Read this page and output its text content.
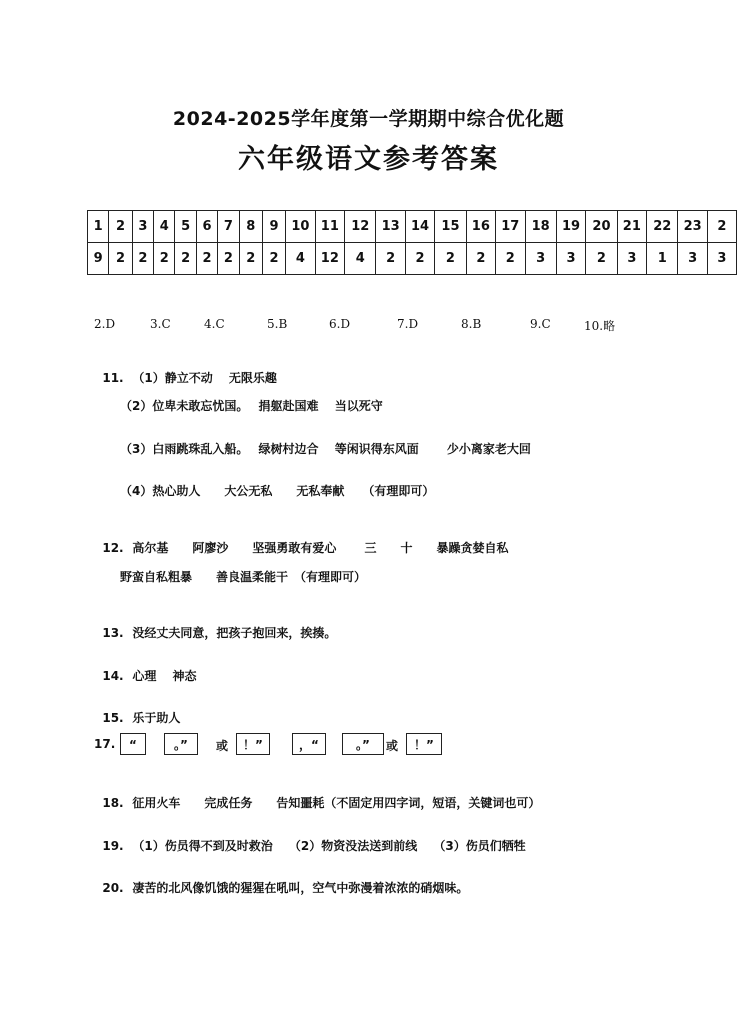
2024-2025学年度第一学期期中综合优化题
六年级语文参考答案
1	2	3	4	5	6	7	8	9	10	11	12	13	14	15	16	17	18	19	20	21	22	23	2
9	2	2	2	2	2	2	2	2	4	12	4	2	2	2	2	2	3	3	2	3	1	3	3
2.D	3.C	4.C	5.B	6.D	7.D	8.B	9.C	10.略

11. （1）静立不动　 无限乐趣

（2）位卑未敢忘忧国。　 捐躯赴国难　 当以死守
（3）白雨跳珠乱入船。　 绿树村边合　 等闲识得东风面　　 少小离家老大回
（4）热心助人　　大公无私　　无私奉献　　（有理即可）

12. 高尔基　　阿廖沙　　坚强勇敢有爱心　　 三　　十　　暴躁贪婪自私

野蛮自私粗暴　　善良温柔能干　（有理即可）

13. 没经丈夫同意，把孩子抱回来，挨揍。

14. 心理　 神态

15. 乐于助人

17.	“	。”	或	！”	，“	。”	或	！”

18. 征用火车　　完成任务　　告知噩耗（不固定用四字词，短语，关键词也可）

19. （1）伤员得不到及时救治　 （2）物资没法送到前线　 （3）伤员们牺牲

20. 凄苦的北风像饥饿的猩猩在吼叫，空气中弥漫着浓浓的硝烟味。
